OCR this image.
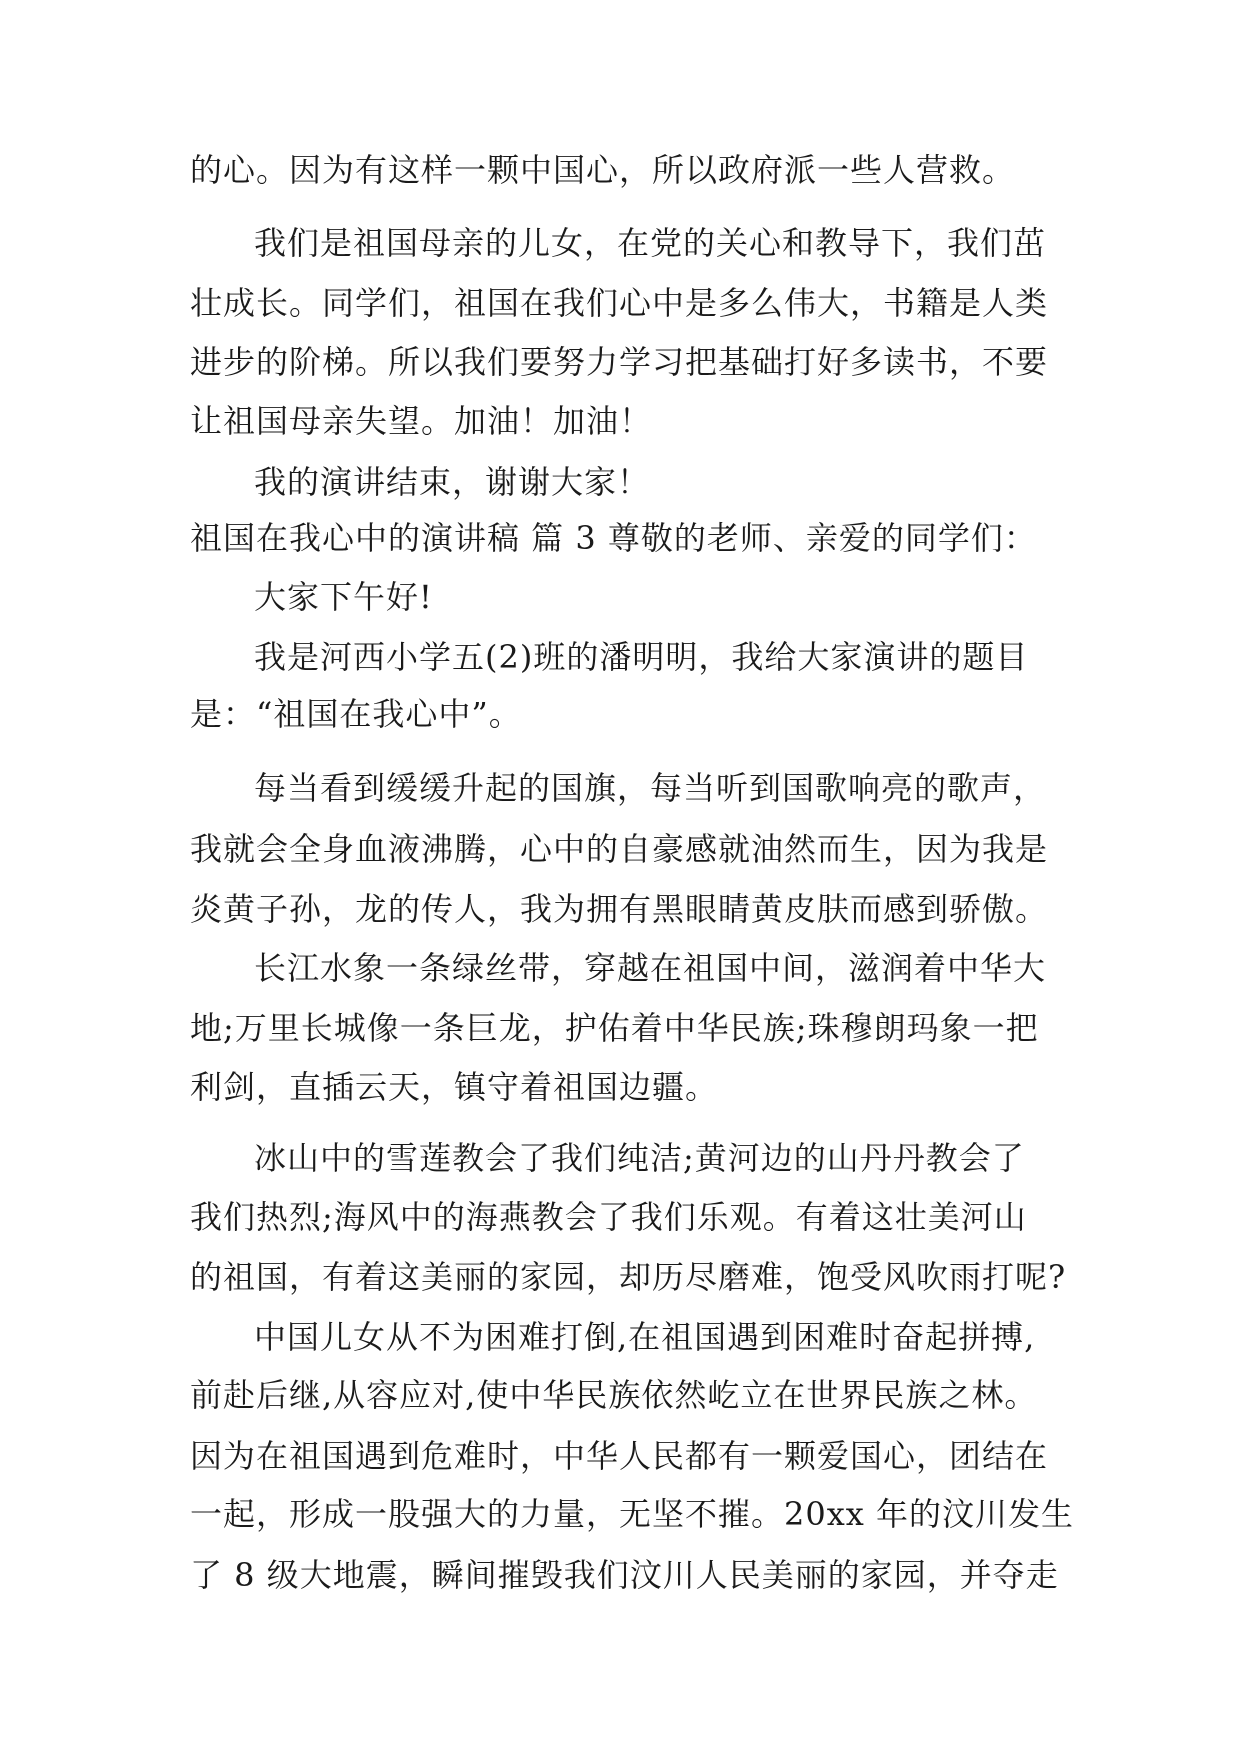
的心。因为有这样一颗中国心，所以政府派一些人营救。
我们是祖国母亲的儿女，在党的关心和教导下，我们茁
壮成长。同学们，祖国在我们心中是多么伟大，书籍是人类
进步的阶梯。所以我们要努力学习把基础打好多读书，不要
让祖国母亲失望。加油！加油！
我的演讲结束，谢谢大家！
祖国在我心中的演讲稿 篇 3 尊敬的老师、亲爱的同学们：
大家下午好!
我是河西小学五(2)班的潘明明，我给大家演讲的题目
是：“祖国在我心中”。
每当看到缓缓升起的国旗，每当听到国歌响亮的歌声，
我就会全身血液沸腾，心中的自豪感就油然而生，因为我是
炎黄子孙，龙的传人，我为拥有黑眼睛黄皮肤而感到骄傲。
长江水象一条绿丝带，穿越在祖国中间，滋润着中华大
地;万里长城像一条巨龙，护佑着中华民族;珠穆朗玛象一把
利剑，直插云天，镇守着祖国边疆。
冰山中的雪莲教会了我们纯洁;黄河边的山丹丹教会了
我们热烈;海风中的海燕教会了我们乐观。有着这壮美河山
的祖国，有着这美丽的家园，却历尽磨难，饱受风吹雨打呢?
中国儿女从不为困难打倒,在祖国遇到困难时奋起拼搏,
前赴后继,从容应对,使中华民族依然屹立在世界民族之林。
因为在祖国遇到危难时，中华人民都有一颗爱国心，团结在
一起，形成一股强大的力量，无坚不摧。20xx 年的汶川发生
了 8 级大地震，瞬间摧毁我们汶川人民美丽的家园，并夺走
